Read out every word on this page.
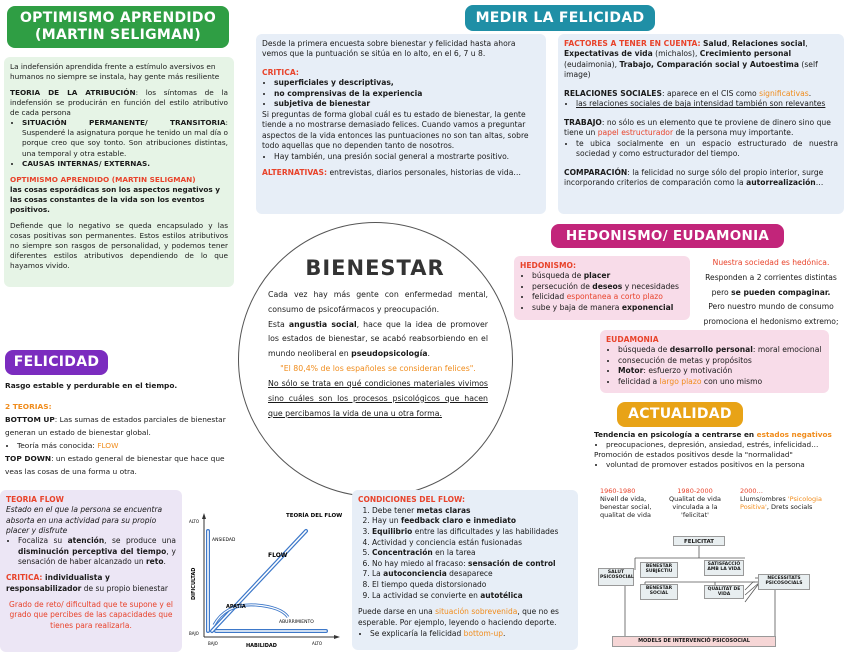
OPTIMISMO APRENDIDO
(MARTIN SELIGMAN)

La indefensión aprendida frente a estímulo aversivos en humanos no siempre se instala, hay gente más resiliente

TEORIA DE LA ATRIBUCIÓN: los síntomas de la indefensión se producirán en función del estilo atributivo de cada persona

• SITUACIÓN PERMANENTE/ TRANSITORIA: Suspenderé la asignatura porque he tenido un mal día o porque creo que soy tonto. Son atribuciones distintas, una temporal y otra estable.
• CAUSAS INTERNAS/ EXTERNAS.

OPTIMISMO APRENDIDO (MARTIN SELIGMAN)

las cosas esporádicas son los aspectos negativos y las cosas constantes de la vida son los eventos positivos.

Defiende que lo negativo se queda encapsulado y las cosas positivas son permanentes. Estos estilos atributivos no siempre son rasgos de personalidad, y podemos tener diferentes estilos atributivos dependiendo de lo que hayamos vivido.

MEDIR LA FELICIDAD

Desde la primera encuesta sobre bienestar y felicidad hasta ahora vemos que la puntuación se sitúa en lo alto, en el 6, 7 u 8.

CRITICA:

• superficiales y descriptivas,
• no comprensivas de la experiencia
• subjetiva de bienestar

Si preguntas de forma global cuál es tu estado de bienestar, la gente tiende a no mostrarse demasiado felices. Cuando vamos a preguntar aspectos de la vida entonces las puntuaciones no son tan altas, sobre todo aquellas que no dependen tanto de nosotros.

• Hay también, una presión social general a mostrarte positivo.

ALTERNATIVAS: entrevistas, diarios personales, historias de vida…

FACTORES A TENER EN CUENTA: Salud, Relaciones social, Expectativas de vida (michalos), Crecimiento personal (eudaimonia), Trabajo, Comparación social y Autoestima (self image)

RELACIONES SOCIALES: aparece en el CIS como significativas.

• las relaciones sociales de baja intensidad también son relevantes

TRABAJO: no sólo es un elemento que te proviene de dinero sino que tiene un papel estructurador de la persona muy importante.

• te ubica socialmente en un espacio estructurado de nuestra sociedad y como estructurador del tiempo.

COMPARACIÓN: la felicidad no surge sólo del propio interior, surge incorporando criterios de comparación como la autorrealización…

BIENESTAR

Cada vez hay más gente con enfermedad mental, consumo de psicofármacos y preocupación.

Esta angustia social, hace que la idea de promover los estados de bienestar, se acabó reabsorbiendo en el mundo neoliberal en pseudopsicología.

"El 80,4% de los españoles se consideran felices".

No sólo se trata en qué condiciones materiales vivimos sino cuáles son los procesos psicológicos que hacen que percibamos la vida de una u otra forma.

HEDONISMO/ EUDAMONIA

HEDONISMO:

• búsqueda de placer
• persecución de deseos y necesidades
• felicidad espontanea a corto plazo
• sube y baja de manera exponencial

Nuestra sociedad es hedónica.

Responden a 2 corrientes distintas pero se pueden compaginar.

Pero nuestro mundo de consumo promociona el hedonismo extremo;

EUDAMONIA

• búsqueda de desarrollo personal: moral emocional
• consecución de metas y propósitos
• Motor: esfuerzo y motivación
• felicidad a largo plazo con uno mismo
ACTUALIDAD

Tendencia en psicología a centrarse en estados negativos

• preocupaciones, depresión, ansiedad, estrés, infelicidad…

Promoción de estados positivos desde la "normalidad"

• voluntad de promover estados positivos en la persona

1960-1980

Nivell de vida, benestar social, qualitat de vida

1980-2000

Qualitat de vida vinculada a la 'felicitat'

2000…

Llums/ombres 'Psicologia Positiva', Drets socials

FELICITAT
SALUT PSICOSOCIAL
BENESTAR SUBJECTIU
SATISFACCIÓ AMB LA VIDA
BENESTAR SOCIAL
QUALITAT DE VIDA
NECESSITATS PSICOSOCIALS
MODELS DE INTERVENCIÓ PSICOSOCIAL
FELICIDAD

Rasgo estable y perdurable en el tiempo.

2 TEORIAS:

BOTTOM UP: Las sumas de estados parciales de bienestar generan un estado de bienestar global.

• Teoría más conocida: FLOW

TOP DOWN: un estado general de bienestar que hace que veas las cosas de una forma u otra.

TEORIA FLOW

Estado en el que la persona se encuentra absorta en una actividad para su propio placer y disfrute

• Focaliza su atención, se produce una disminución perceptiva del tiempo, y sensación de haber alcanzado un reto.

CRITICA: individualista y
responsabilizador de su propio bienestar

Grado de reto/ dificultad que te supone y el grado que percibes de las capacidades que tienes para realizarla.

TEORÍA DEL FLOW
DIFICULTAD
HABILIDAD
ANSIEDAD
FLOW
APATÍA
ABURRIMIENTO
BAJO	ALTO
BAJO
ALTO

CONDICIONES DEL FLOW:

1. Debe tener metas claras
2. Hay un feedback claro e inmediato
3. Equilibrio entre las dificultades y las habilidades
4. Actividad y conciencia están fusionadas
5. Concentración en la tarea
6. No hay miedo al fracaso: sensación de control
7. La autoconciencia desaparece
8. El tiempo queda distorsionado
9. La actividad se convierte en autotélica

Puede darse en una situación sobrevenida, que no es esperable. Por ejemplo, leyendo o haciendo deporte.

• Se explicaría la felicidad bottom-up.
